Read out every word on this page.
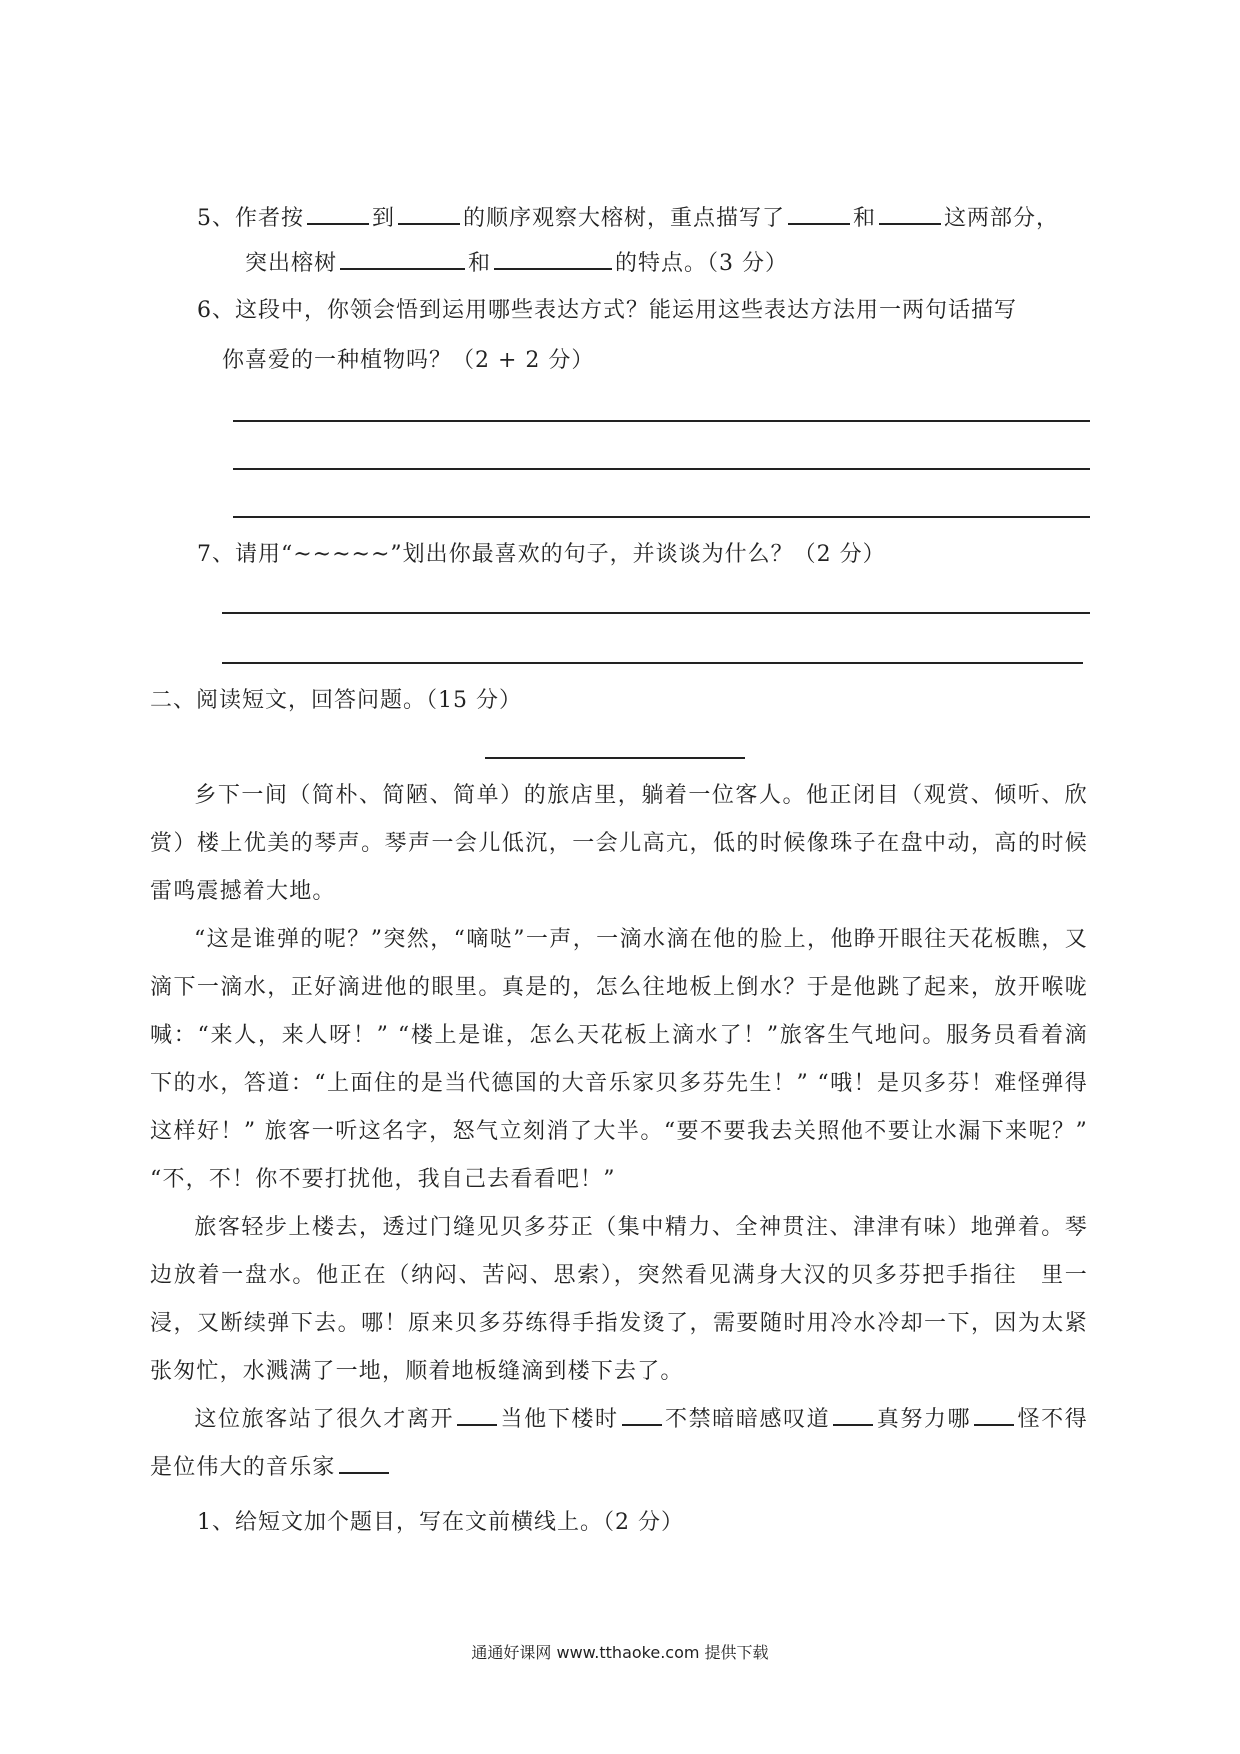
5、作者按	到	的顺序观察大榕树，重点描写了	和	这两部分，
突出榕树	和	的特点。（3 分）
6、这段中，你领会悟到运用哪些表达方式？能运用这些表达方法用一两句话描写
你喜爱的一种植物吗？（2 + 2 分）
7、请用“~~~~~”划出你最喜欢的句子，并谈谈为什么？（2 分）
二、阅读短文，回答问题。（15 分）
乡下一间（简朴、简陋、简单）的旅店里，躺着一位客人。他正闭目（观赏、倾听、欣赏）楼上优美的琴声。琴声一会儿低沉，一会儿高亢，低的时候像珠子在盘中动，高的时候雷鸣震撼着大地。
“这是谁弹的呢？”突然，“嘀哒”一声，一滴水滴在他的脸上，他睁开眼往天花板瞧，又滴下一滴水，正好滴进他的眼里。真是的，怎么往地板上倒水？于是他跳了起来，放开喉咙喊：“来人，来人呀！” “楼上是谁，怎么天花板上滴水了！”旅客生气地问。服务员看着滴下的水，答道：“上面住的是当代德国的大音乐家贝多芬先生！” “哦！是贝多芬！难怪弹得这样好！” 旅客一听这名字，怒气立刻消了大半。“要不要我去关照他不要让水漏下来呢？” “不，不！你不要打扰他，我自己去看看吧！”
旅客轻步上楼去，透过门缝见贝多芬正（集中精力、全神贯注、津津有味）地弹着。琴边放着一盘水。他正在（纳闷、苦闷、思索），突然看见满身大汉的贝多芬把手指往　里一浸，又断续弹下去。哪！原来贝多芬练得手指发烫了，需要随时用冷水冷却一下，因为太紧张匆忙，水溅满了一地，顺着地板缝滴到楼下去了。
这位旅客站了很久才离开 当他下楼时 不禁暗暗感叹道 真努力哪 怪不得是位伟大的音乐家
1、给短文加个题目，写在文前横线上。（2 分）
通通好课网 www.tthaoke.com 提供下载
